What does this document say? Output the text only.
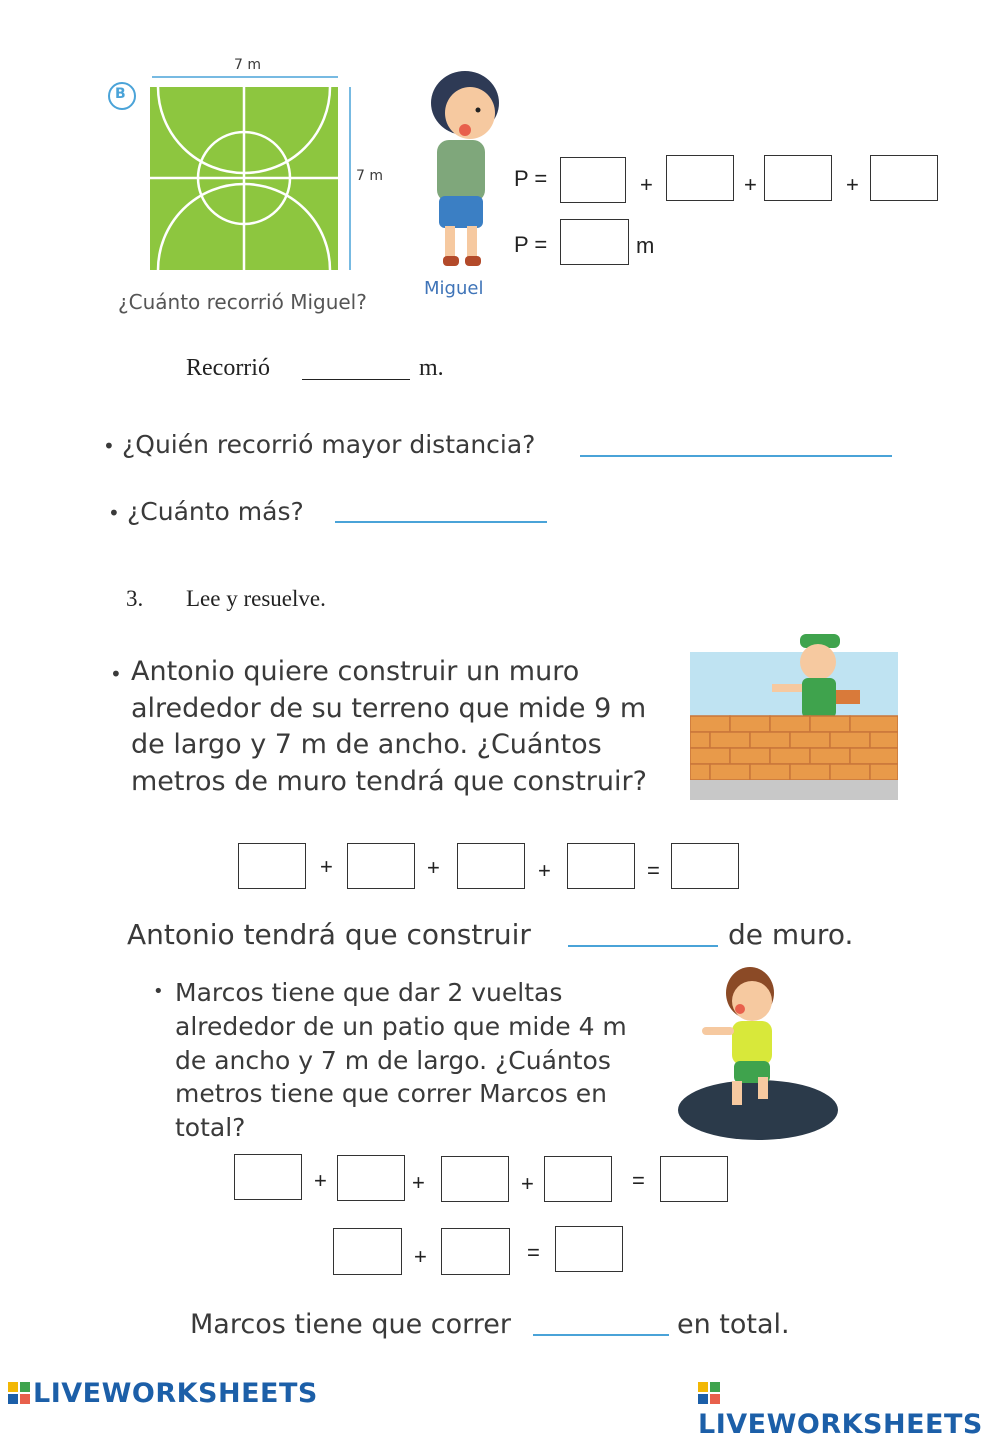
B
7 m
7 m
¿Cuánto recorrió Miguel?
Miguel
P =	+	+	+
P =	m
Recorrió	m.
• ¿Quién recorrió mayor distancia?
• ¿Cuánto más?
3. Lee y resuelve.
• Antonio quiere construir un muro
alrededor de su terreno que mide 9 m
de largo y 7 m de ancho. ¿Cuántos
metros de muro tendrá que construir?
+	+	+	=
Antonio tendrá que construir	de muro.
• Marcos tiene que dar 2 vueltas
alrededor de un patio que mide 4 m
de ancho y 7 m de largo. ¿Cuántos
metros tiene que correr Marcos en
total?
+	+	+	=
+	=
Marcos tiene que correr	en total.
LIVEWORKSHEETS
LIVEWORKSHEETS
